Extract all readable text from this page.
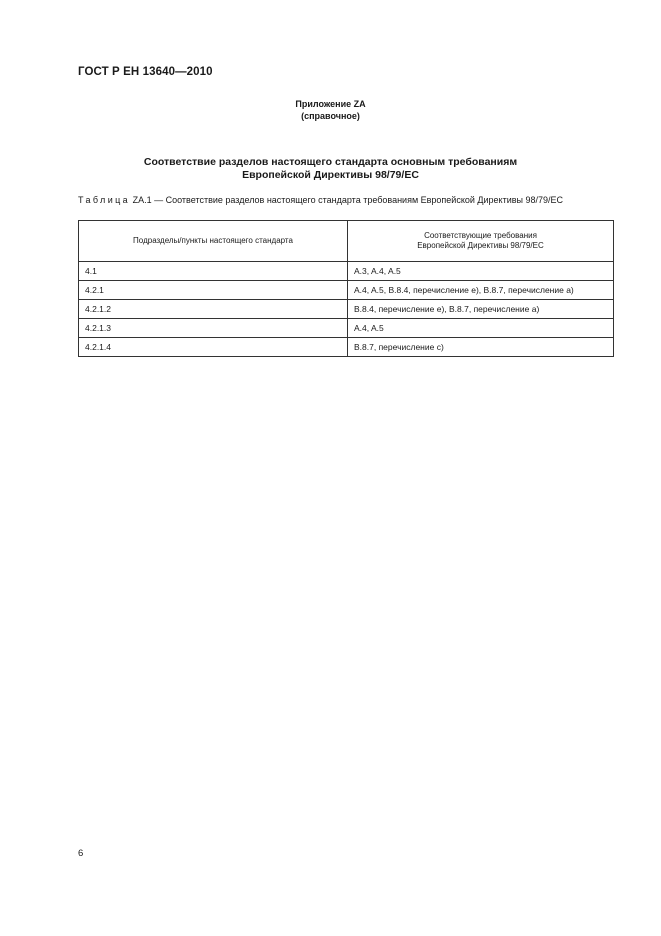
ГОСТ Р ЕН 13640—2010
Приложение ZA
(справочное)
Соответствие разделов настоящего стандарта основным требованиям
Европейской Директивы 98/79/ЕС
Таблица ZA.1 — Соответствие разделов настоящего стандарта требованиям Европейской Директивы 98/79/ЕС
Подразделы/пункты настоящего стандарта	Соответствующие требования
Европейской Директивы 98/79/ЕС

4.1	A.3, A.4, A.5
4.2.1	A.4, A.5, B.8.4, перечисление е), B.8.7, перечисление а)
4.2.1.2	B.8.4, перечисление е), B.8.7, перечисление а)
4.2.1.3	A.4, A.5
4.2.1.4	B.8.7, перечисление с)
6
